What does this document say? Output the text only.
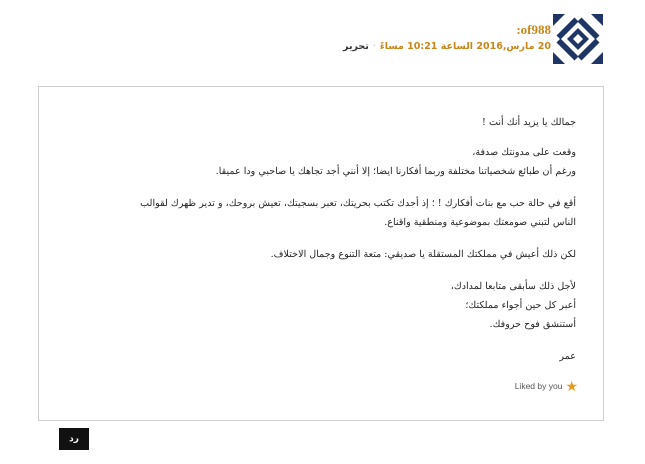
:of988
20 مارس,2016 الساعة 10:21 مساءً·تحرير

جمالك يا يزيد أنك أنت !

وقعت على مدونتك صدفة،
ورغم أن طبائع شخصياتنا مختلفة وربما أفكارنا ايضا؛ إلا أنني أجد تجاهك يا صاحبي ودا عميقا.

أقع في حالة حب مع بنات أفكارك ! ؛ إذ أجدك تكتب بحريتك، تعبر بسجيتك، تعيش بروحك، و تدير ظهرك لقوالب
الناس لتبني صومعتك بموضوعية ومنطقية واقناع.

لكن ذلك أعيش في مملكتك المستقلة يا صديقي: متعة التنوع وجمال الاختلاف.

لأجل ذلك سأبقى متابعا لمدادك،
أعبر كل حين أجواء مملكتك؛
أستنشق فوح حروفك.

عمر

Liked by you ★
رد
